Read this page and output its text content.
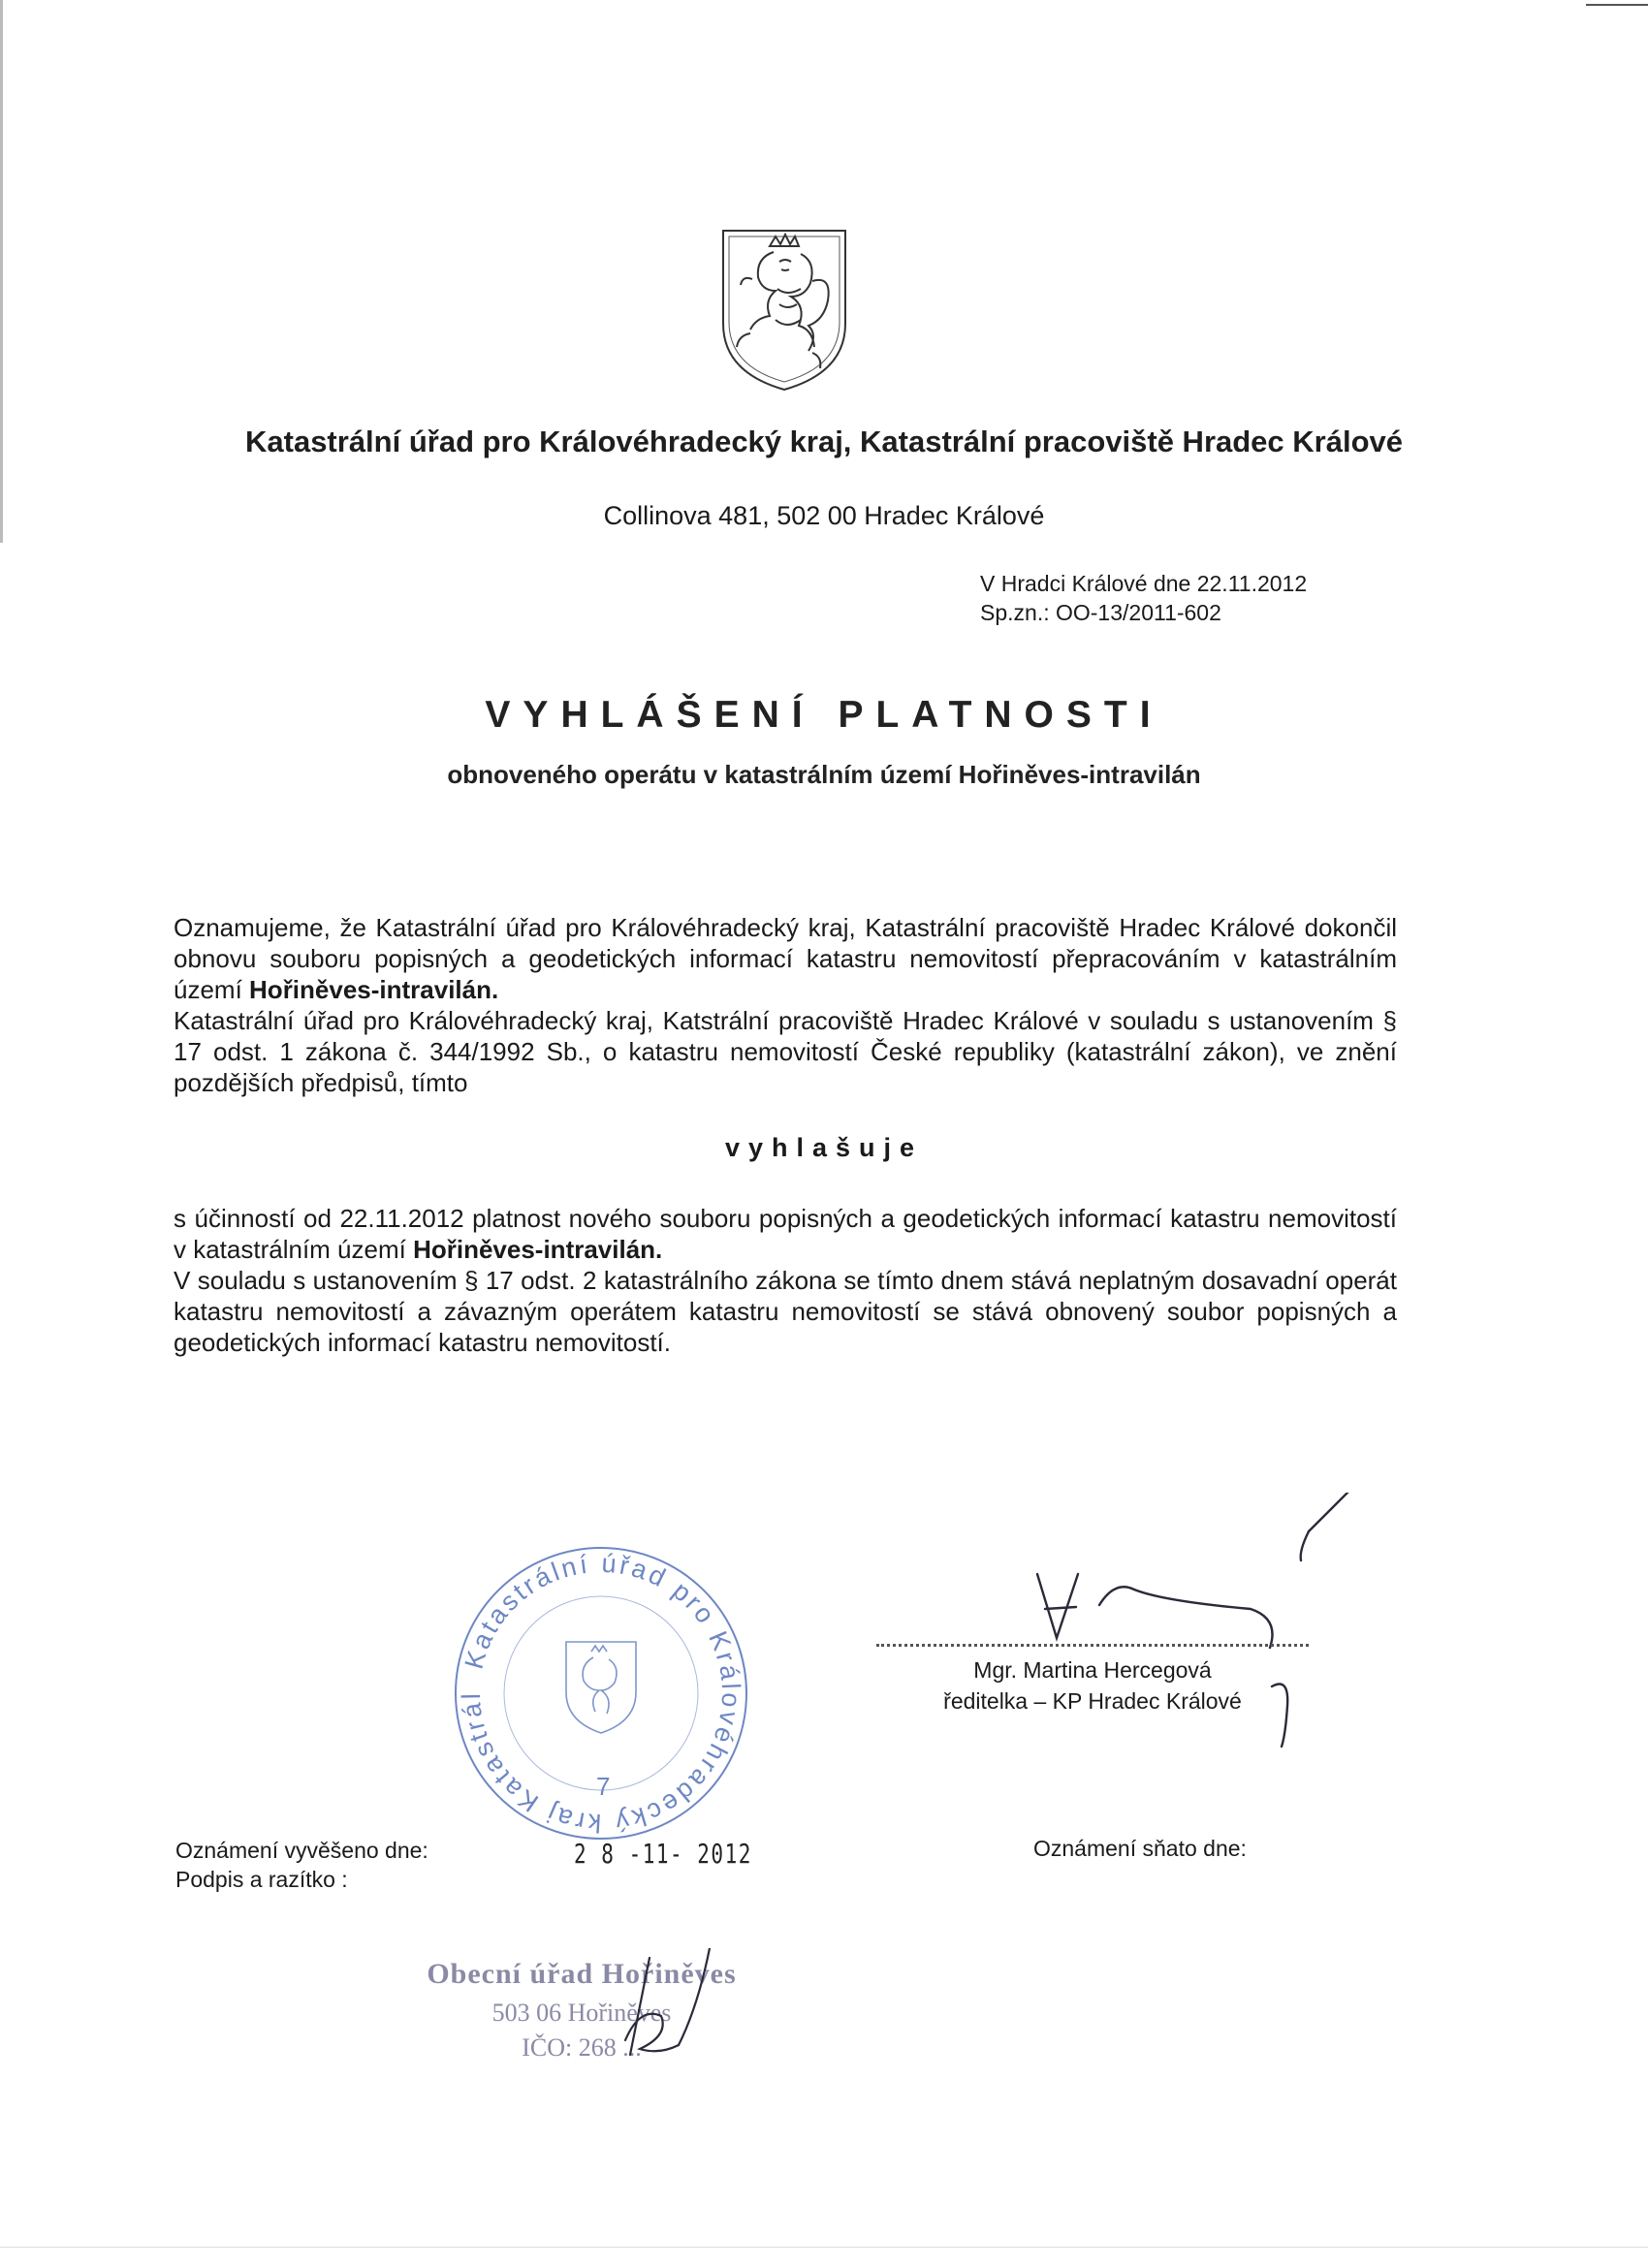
Katastrální úřad pro Královéhradecký kraj, Katastrální pracoviště Hradec Králové
Collinova 481, 502 00 Hradec Králové
V Hradci Králové dne 22.11.2012
Sp.zn.: OO-13/2011-602
VYHLÁŠENÍ PLATNOSTI
obnoveného operátu v katastrálním území Hořiněves-intravilán
Oznamujeme, že Katastrální úřad pro Královéhradecký kraj, Katastrální pracoviště Hradec Králové dokončil obnovu souboru popisných a geodetických informací katastru nemovitostí přepracováním v katastrálním území Hořiněves-intravilán.
Katastrální úřad pro Královéhradecký kraj, Katstrální pracoviště Hradec Králové v souladu s ustanovením § 17 odst. 1 zákona č. 344/1992 Sb., o katastru nemovitostí České republiky (katastrální zákon), ve znění pozdějších předpisů, tímto
vyhlašuje
s účinností od 22.11.2012 platnost nového souboru popisných a geodetických informací katastru nemovitostí v katastrálním území Hořiněves-intravilán.
V souladu s ustanovením § 17 odst. 2 katastrálního zákona se tímto dnem stává neplatným dosavadní operát katastru nemovitostí a závazným operátem katastru nemovitostí se stává obnovený soubor popisných a geodetických informací katastru nemovitostí.
Katastrální úřad pro Královéhradecký kraj Katastrál
7
Mgr. Martina Hercegová
ředitelka – KP Hradec Králové
Oznámení vyvěšeno dne:
Podpis a razítko :
2 8 -11- 2012	Oznámení sňato dne:
Obecní úřad Hořiněves
503 06 Hořiněves
IČO: 268 ...
